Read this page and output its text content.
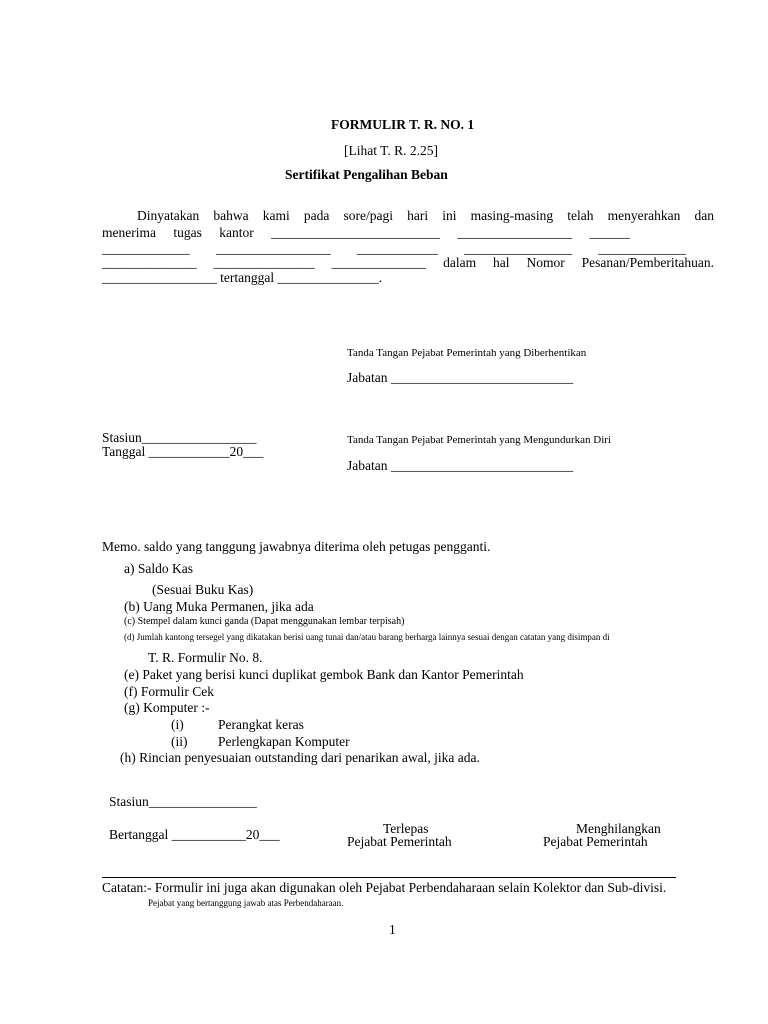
FORMULIR T. R. NO. 1
[Lihat T. R. 2.25]
Sertifikat Pengalihan Beban
Dinyatakan bahwa kami pada sore/pagi hari ini masing-masing telah menyerahkan dan
menerima tugas kantor _________________________ _________________ ______
_____________ _________________ ____________ ________________ _____________
______________ _______________ ______________ dalam hal Nomor Pesanan/Pemberitahuan.
_________________ tertanggal _______________.
Tanda Tangan Pejabat Pemerintah yang Diberhentikan
Jabatan ___________________________
Stasiun_________________
Tanggal ____________20___
Tanda Tangan Pejabat Pemerintah yang Mengundurkan Diri
Jabatan ___________________________
Memo. saldo yang tanggung jawabnya diterima oleh petugas pengganti.
a) Saldo Kas
(Sesuai Buku Kas)
(b) Uang Muka Permanen, jika ada
(c) Stempel dalam kunci ganda (Dapat menggunakan lembar terpisah)
(d) Jumlah kantong tersegel yang dikatakan berisi uang tunai dan/atau barang berharga lainnya sesuai dengan catatan yang disimpan di
T. R. Formulir No. 8.
(e) Paket yang berisi kunci duplikat gembok Bank dan Kantor Pemerintah
(f) Formulir Cek
(g) Komputer :-
(i)	Perangkat keras
(ii) Perlengkapan Komputer
(h) Rincian penyesuaian outstanding dari penarikan awal, jika ada.
Stasiun________________
Bertanggal ___________20___	Terlepas
Pejabat Pemerintah
Menghilangkan
Pejabat Pemerintah
Catatan:- Formulir ini juga akan digunakan oleh Pejabat Perbendaharaan selain Kolektor dan Sub-divisi.
Pejabat yang bertanggung jawab atas Perbendaharaan.
1
